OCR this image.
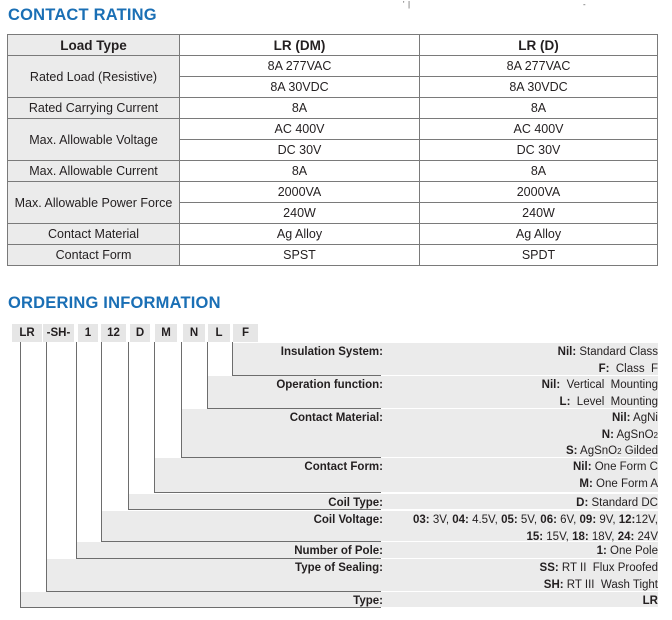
' |	-
CONTACT RATING
Load Type	LR (DM)	LR (D)
Rated Load (Resistive)	8A 277VAC	8A 277VAC
	8A 30VDC	8A 30VDC
Rated Carrying Current	8A	8A
Max. Allowable Voltage	AC 400V	AC 400V
	DC 30V	DC 30V
Max. Allowable Current	8A	8A
Max. Allowable Power Force	2000VA	2000VA
	240W	240W
Contact Material	Ag Alloy	Ag Alloy
Contact Form	SPST	SPDT
ORDERING INFORMATION
LR	-SH-	1	12	D	M	N	L	F
Insulation System:	Nil: Standard Class
F:  Class  F
Operation function:	Nil:  Vertical  Mounting
L:  Level  Mounting
Contact Material:	Nil: AgNi
N: AgSnO2
S: AgSnO2 Gilded
Contact Form:	Nil: One Form C
M: One Form A
Coil Type:	D: Standard DC
Coil Voltage:	03: 3V, 04: 4.5V, 05: 5V, 06: 6V, 09: 9V, 12:12V,
15: 15V, 18: 18V, 24: 24V
Number of Pole:	1: One Pole
Type of Sealing:	SS: RT II  Flux Proofed
SH: RT III  Wash Tight
Type:	LR
